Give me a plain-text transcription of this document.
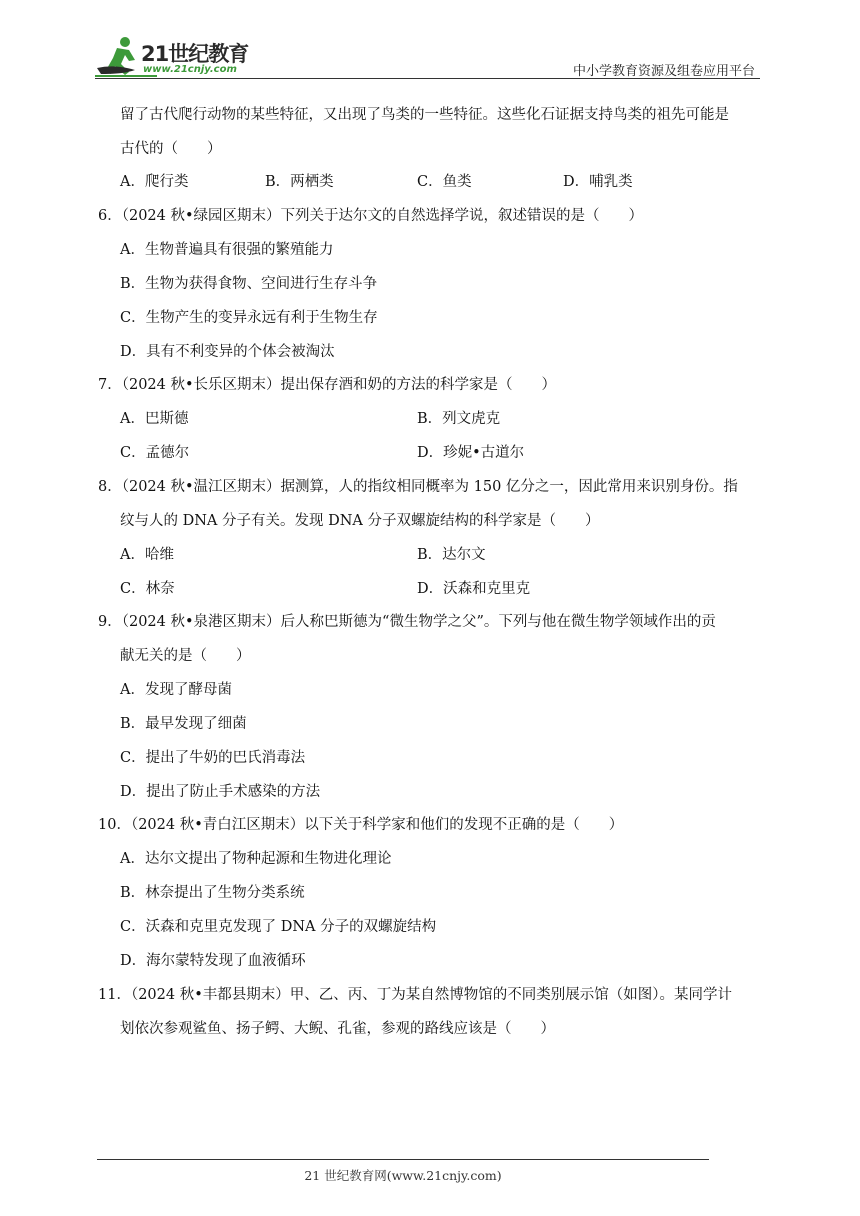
21世纪教育
www.21cnjy.com	中小学教育资源及组卷应用平台
留了古代爬行动物的某些特征，又出现了鸟类的一些特征。这些化石证据支持鸟类的祖先可能是
古代的（　　）
A．爬行类	B．两栖类	C．鱼类	D．哺乳类
6．（2024 秋•绿园区期末）下列关于达尔文的自然选择学说，叙述错误的是（　　）
A．生物普遍具有很强的繁殖能力
B．生物为获得食物、空间进行生存斗争
C．生物产生的变异永远有利于生物生存
D．具有不利变异的个体会被淘汰
7．（2024 秋•长乐区期末）提出保存酒和奶的方法的科学家是（　　）
A．巴斯德	B．列文虎克
C．孟德尔	D．珍妮•古道尔
8．（2024 秋•温江区期末）据测算，人的指纹相同概率为 150 亿分之一，因此常用来识别身份。指
纹与人的 DNA 分子有关。发现 DNA 分子双螺旋结构的科学家是（　　）
A．哈维	B．达尔文
C．林奈	D．沃森和克里克
9．（2024 秋•泉港区期末）后人称巴斯德为“微生物学之父”。下列与他在微生物学领域作出的贡
献无关的是（　　）
A．发现了酵母菌
B．最早发现了细菌
C．提出了牛奶的巴氏消毒法
D．提出了防止手术感染的方法
10．（2024 秋•青白江区期末）以下关于科学家和他们的发现不正确的是（　　）
A．达尔文提出了物种起源和生物进化理论
B．林奈提出了生物分类系统
C．沃森和克里克发现了 DNA 分子的双螺旋结构
D．海尔蒙特发现了血液循环
11．（2024 秋•丰都县期末）甲、乙、丙、丁为某自然博物馆的不同类别展示馆（如图）。某同学计
划依次参观鲨鱼、扬子鳄、大鲵、孔雀，参观的路线应该是（　　）
21 世纪教育网(www.21cnjy.com)
